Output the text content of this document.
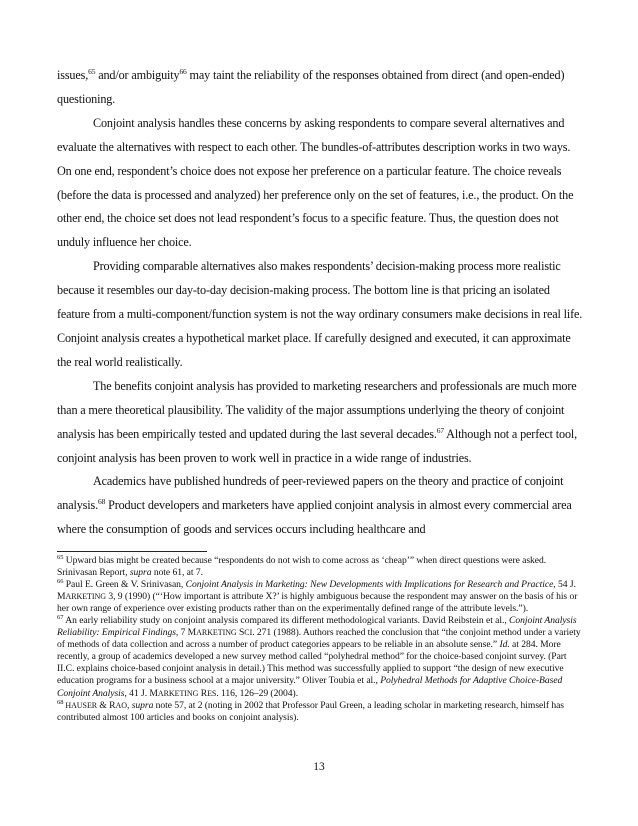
issues,$^{65}$ and/or ambiguity$^{66}$ may taint the reliability of the responses obtained from direct (and open-ended) questioning.

Conjoint analysis handles these concerns by asking respondents to compare several alternatives and evaluate the alternatives with respect to each other. The bundles-of-attributes description works in two ways. On one end, respondent’s choice does not expose her preference on a particular feature. The choice reveals (before the data is processed and analyzed) her preference only on the set of features, i.e., the product. On the other end, the choice set does not lead respondent’s focus to a specific feature. Thus, the question does not unduly influence her choice.

Providing comparable alternatives also makes respondents’ decision-making process more realistic because it resembles our day-to-day decision-making process. The bottom line is that pricing an isolated feature from a multi-component/function system is not the way ordinary consumers make decisions in real life. Conjoint analysis creates a hypothetical market place. If carefully designed and executed, it can approximate the real world realistically.

The benefits conjoint analysis has provided to marketing researchers and professionals are much more than a mere theoretical plausibility. The validity of the major assumptions underlying the theory of conjoint analysis has been empirically tested and updated during the last several decades.$^{67}$ Although not a perfect tool, conjoint analysis has been proven to work well in practice in a wide range of industries.

Academics have published hundreds of peer-reviewed papers on the theory and practice of conjoint analysis.$^{68}$ Product developers and marketers have applied conjoint analysis in almost every commercial area where the consumption of goods and services occurs including healthcare and

$^{65}$ Upward bias might be created because “respondents do not wish to come across as ‘cheap’” when direct questions were asked. Srinivasan Report, supra note 61, at 7.

$^{66}$ Paul E. Green & V. Srinivasan, Conjoint Analysis in Marketing: New Developments with Implications for Research and Practice, 54 J. MARKETING 3, 9 (1990) (“‘How important is attribute X?’ is highly ambiguous because the respondent may answer on the basis of his or her own range of experience over existing products rather than on the experimentally defined range of the attribute levels.”).

$^{67}$ An early reliability study on conjoint analysis compared its different methodological variants. David Reibstein et al., Conjoint Analysis Reliability: Empirical Findings, 7 MARKETING SCI. 271 (1988). Authors reached the conclusion that “the conjoint method under a variety of methods of data collection and across a number of product categories appears to be reliable in an absolute sense.” Id. at 284. More recently, a group of academics developed a new survey method called “polyhedral method” for the choice-based conjoint survey. (Part II.C. explains choice-based conjoint analysis in detail.) This method was successfully applied to support “the design of new executive education programs for a business school at a major university.” Oliver Toubia et al., Polyhedral Methods for Adaptive Choice-Based Conjoint Analysis, 41 J. MARKETING RES. 116, 126–29 (2004).

$^{68}$ HAUSER & RAO, supra note 57, at 2 (noting in 2002 that Professor Paul Green, a leading scholar in marketing research, himself has contributed almost 100 articles and books on conjoint analysis).

13
